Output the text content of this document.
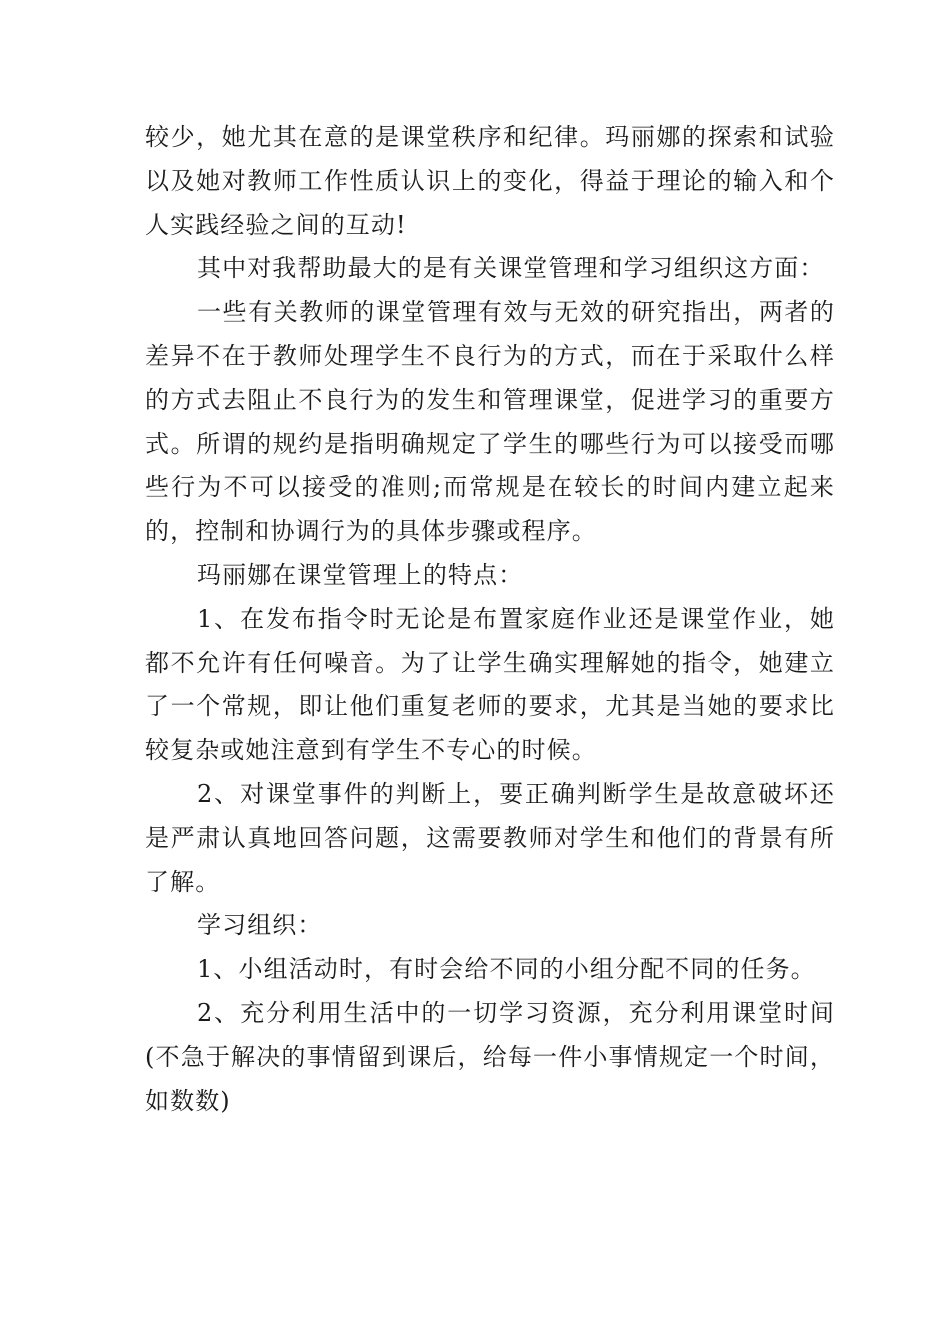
较少，她尤其在意的是课堂秩序和纪律。玛丽娜的探索和试验以及她对教师工作性质认识上的变化，得益于理论的输入和个人实践经验之间的互动!

其中对我帮助最大的是有关课堂管理和学习组织这方面：

一些有关教师的课堂管理有效与无效的研究指出，两者的差异不在于教师处理学生不良行为的方式，而在于采取什么样的方式去阻止不良行为的发生和管理课堂，促进学习的重要方式。所谓的规约是指明确规定了学生的哪些行为可以接受而哪些行为不可以接受的准则;而常规是在较长的时间内建立起来的，控制和协调行为的具体步骤或程序。

玛丽娜在课堂管理上的特点：

1、在发布指令时无论是布置家庭作业还是课堂作业，她都不允许有任何噪音。为了让学生确实理解她的指令，她建立了一个常规，即让他们重复老师的要求，尤其是当她的要求比较复杂或她注意到有学生不专心的时候。

2、对课堂事件的判断上，要正确判断学生是故意破坏还是严肃认真地回答问题，这需要教师对学生和他们的背景有所了解。

学习组织：

1、小组活动时，有时会给不同的小组分配不同的任务。

2、充分利用生活中的一切学习资源，充分利用课堂时间(不急于解决的事情留到课后，给每一件小事情规定一个时间，如数数)
